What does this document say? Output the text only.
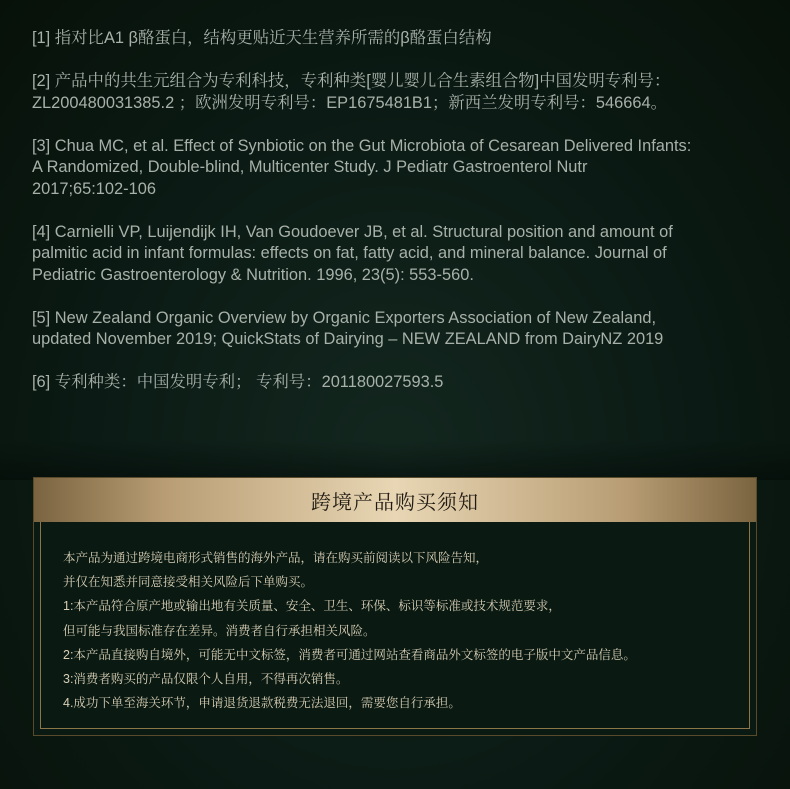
[1] 指对比A1 β酪蛋白，结构更贴近天生营养所需的β酪蛋白结构

[2] 产品中的共生元组合为专利科技，专利种类[婴儿婴儿合生素组合物]中国发明专利号：
ZL200480031385.2 ；欧洲发明专利号：EP1675481B1；新西兰发明专利号：546664。

[3] Chua MC, et al. Effect of Synbiotic on the Gut Microbiota of Cesarean Delivered Infants:
A Randomized, Double-blind, Multicenter Study. J Pediatr Gastroenterol Nutr
2017;65:102-106

[4] Carnielli VP, Luijendijk IH, Van Goudoever JB, et al. Structural position and amount of
palmitic acid in infant formulas: effects on fat, fatty acid, and mineral balance. Journal of
Pediatric Gastroenterology & Nutrition. 1996, 23(5): 553-560.

[5] New Zealand Organic Overview by Organic Exporters Association of New Zealand,
updated November 2019; QuickStats of Dairying – NEW ZEALAND from DairyNZ 2019

[6] 专利种类：中国发明专利； 专利号：201180027593.5

跨境产品购买须知
本产品为通过跨境电商形式销售的海外产品，请在购买前阅读以下风险告知，
并仅在知悉并同意接受相关风险后下单购买。
1:本产品符合原产地或输出地有关质量、安全、卫生、环保、标识等标准或技术规范要求，
但可能与我国标准存在差异。消费者自行承担相关风险。
2:本产品直接购自境外，可能无中文标签，消费者可通过网站查看商品外文标签的电子版中文产品信息。
3:消费者购买的产品仅限个人自用，不得再次销售。
4.成功下单至海关环节，申请退货退款税费无法退回，需要您自行承担。
